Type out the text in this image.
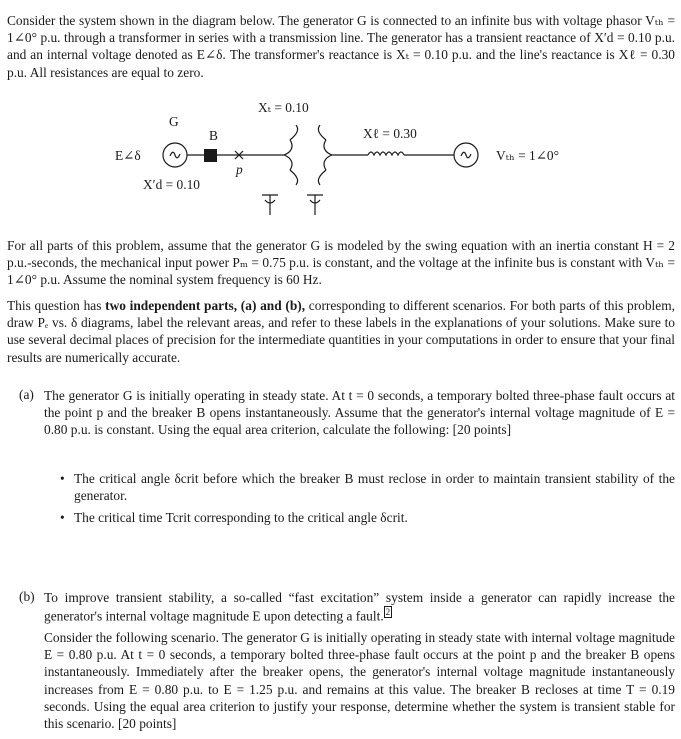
Consider the system shown in the diagram below. The generator G is connected to an infinite bus with voltage phasor Vₜₕ = 1∠0° p.u. through a transformer in series with a transmission line. The generator has a transient reactance of X′d = 0.10 p.u. and an internal voltage denoted as E∠δ. The transformer's reactance is Xₜ = 0.10 p.u. and the line's reactance is Xℓ = 0.30 p.u. All resistances are equal to zero.
Xₜ = 0.10
G
B
p
E∠δ
X′d = 0.10
Xℓ = 0.30
Vₜₕ = 1∠0°
For all parts of this problem, assume that the generator G is modeled by the swing equation with an inertia constant H = 2 p.u.-seconds, the mechanical input power Pₘ = 0.75 p.u. is constant, and the voltage at the infinite bus is constant with Vₜₕ = 1∠0° p.u. Assume the nominal system frequency is 60 Hz.
This question has two independent parts, (a) and (b), corresponding to different scenarios. For both parts of this problem, draw Pₑ vs. δ diagrams, label the relevant areas, and refer to these labels in the explanations of your solutions. Make sure to use several decimal places of precision for the intermediate quantities in your computations in order to ensure that your final results are numerically accurate.
(a) The generator G is initially operating in steady state. At t = 0 seconds, a temporary bolted three-phase fault occurs at the point p and the breaker B opens instantaneously. Assume that the generator's internal voltage magnitude of E = 0.80 p.u. is constant. Using the equal area criterion, calculate the following: [20 points]
• The critical angle δcrit before which the breaker B must reclose in order to maintain transient stability of the generator.
• The critical time Tcrit corresponding to the critical angle δcrit.
(b) To improve transient stability, a so-called “fast excitation” system inside a generator can rapidly increase the generator's internal voltage magnitude E upon detecting a fault. 2
Consider the following scenario. The generator G is initially operating in steady state with internal voltage magnitude E = 0.80 p.u. At t = 0 seconds, a temporary bolted three-phase fault occurs at the point p and the breaker B opens instantaneously. Immediately after the breaker opens, the generator's internal voltage magnitude instantaneously increases from E = 0.80 p.u. to E = 1.25 p.u. and remains at this value. The breaker B recloses at time T = 0.19 seconds. Using the equal area criterion to justify your response, determine whether the system is transient stable for this scenario. [20 points]
